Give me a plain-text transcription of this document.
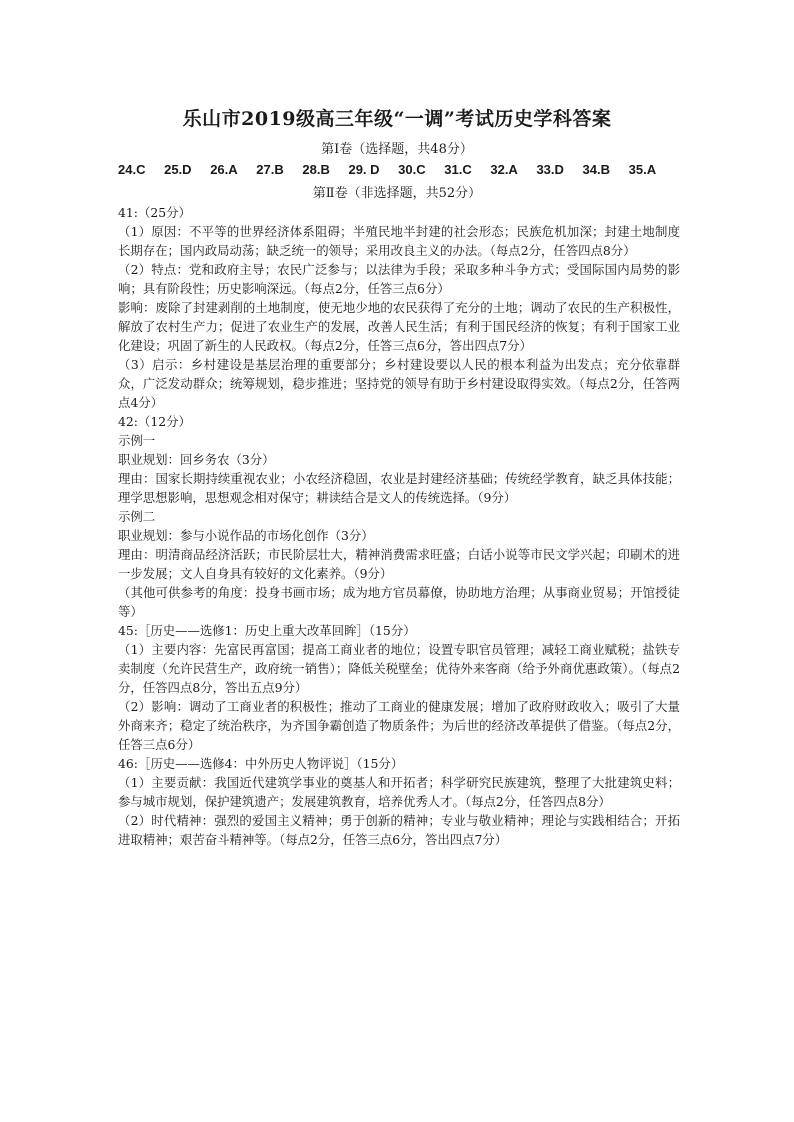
乐山市2019级高三年级“一调”考试历史学科答案
第Ⅰ卷（选择题，共48分）
24.C 25.D 26.A 27.B 28.B 29. D 30.C 31.C 32.A 33.D 34.B 35.A
第Ⅱ卷（非选择题，共52分）

41:（25分）

（1）原因：不平等的世界经济体系阻碍；半殖民地半封建的社会形态；民族危机加深；封建土地制度长期存在；国内政局动荡；缺乏统一的领导；采用改良主义的办法。（每点2分，任答四点8分）

（2）特点：党和政府主导；农民广泛参与；以法律为手段；采取多种斗争方式；受国际国内局势的影响；具有阶段性；历史影响深远。（每点2分，任答三点6分）

影响：废除了封建剥削的土地制度，使无地少地的农民获得了充分的土地；调动了农民的生产积极性，解放了农村生产力；促进了农业生产的发展，改善人民生活；有利于国民经济的恢复；有利于国家工业化建设；巩固了新生的人民政权。（每点2分，任答三点6分，答出四点7分）

（3）启示：乡村建设是基层治理的重要部分；乡村建设要以人民的根本利益为出发点；充分依靠群众，广泛发动群众；统筹规划，稳步推进；坚持党的领导有助于乡村建设取得实效。（每点2分，任答两点4分）

42:（12分）

示例一

职业规划：回乡务农（3分）

理由：国家长期持续重视农业；小农经济稳固，农业是封建经济基础；传统经学教育，缺乏具体技能；理学思想影响，思想观念相对保守；耕读结合是文人的传统选择。（9分）

示例二

职业规划：参与小说作品的市场化创作（3分）

理由：明清商品经济活跃；市民阶层壮大，精神消费需求旺盛；白话小说等市民文学兴起；印刷术的进一步发展；文人自身具有较好的文化素养。（9分）

（其他可供参考的角度：投身书画市场；成为地方官员幕僚，协助地方治理；从事商业贸易；开馆授徒等）

45:［历史——选修1：历史上重大改革回眸］（15分）

（1）主要内容：先富民再富国；提高工商业者的地位；设置专职官员管理；减轻工商业赋税；盐铁专卖制度（允许民营生产，政府统一销售）；降低关税壁垒；优待外来客商（给予外商优惠政策）。（每点2分，任答四点8分，答出五点9分）

（2）影响：调动了工商业者的积极性；推动了工商业的健康发展；增加了政府财政收入；吸引了大量外商来齐；稳定了统治秩序，为齐国争霸创造了物质条件；为后世的经济改革提供了借鉴。（每点2分，任答三点6分）

46:［历史——选修4：中外历史人物评说］（15分）

（1）主要贡献：我国近代建筑学事业的奠基人和开拓者；科学研究民族建筑，整理了大批建筑史料；参与城市规划，保护建筑遗产；发展建筑教育，培养优秀人才。（每点2分，任答四点8分）

（2）时代精神：强烈的爱国主义精神；勇于创新的精神；专业与敬业精神；理论与实践相结合；开拓进取精神；艰苦奋斗精神等。（每点2分，任答三点6分，答出四点7分）
